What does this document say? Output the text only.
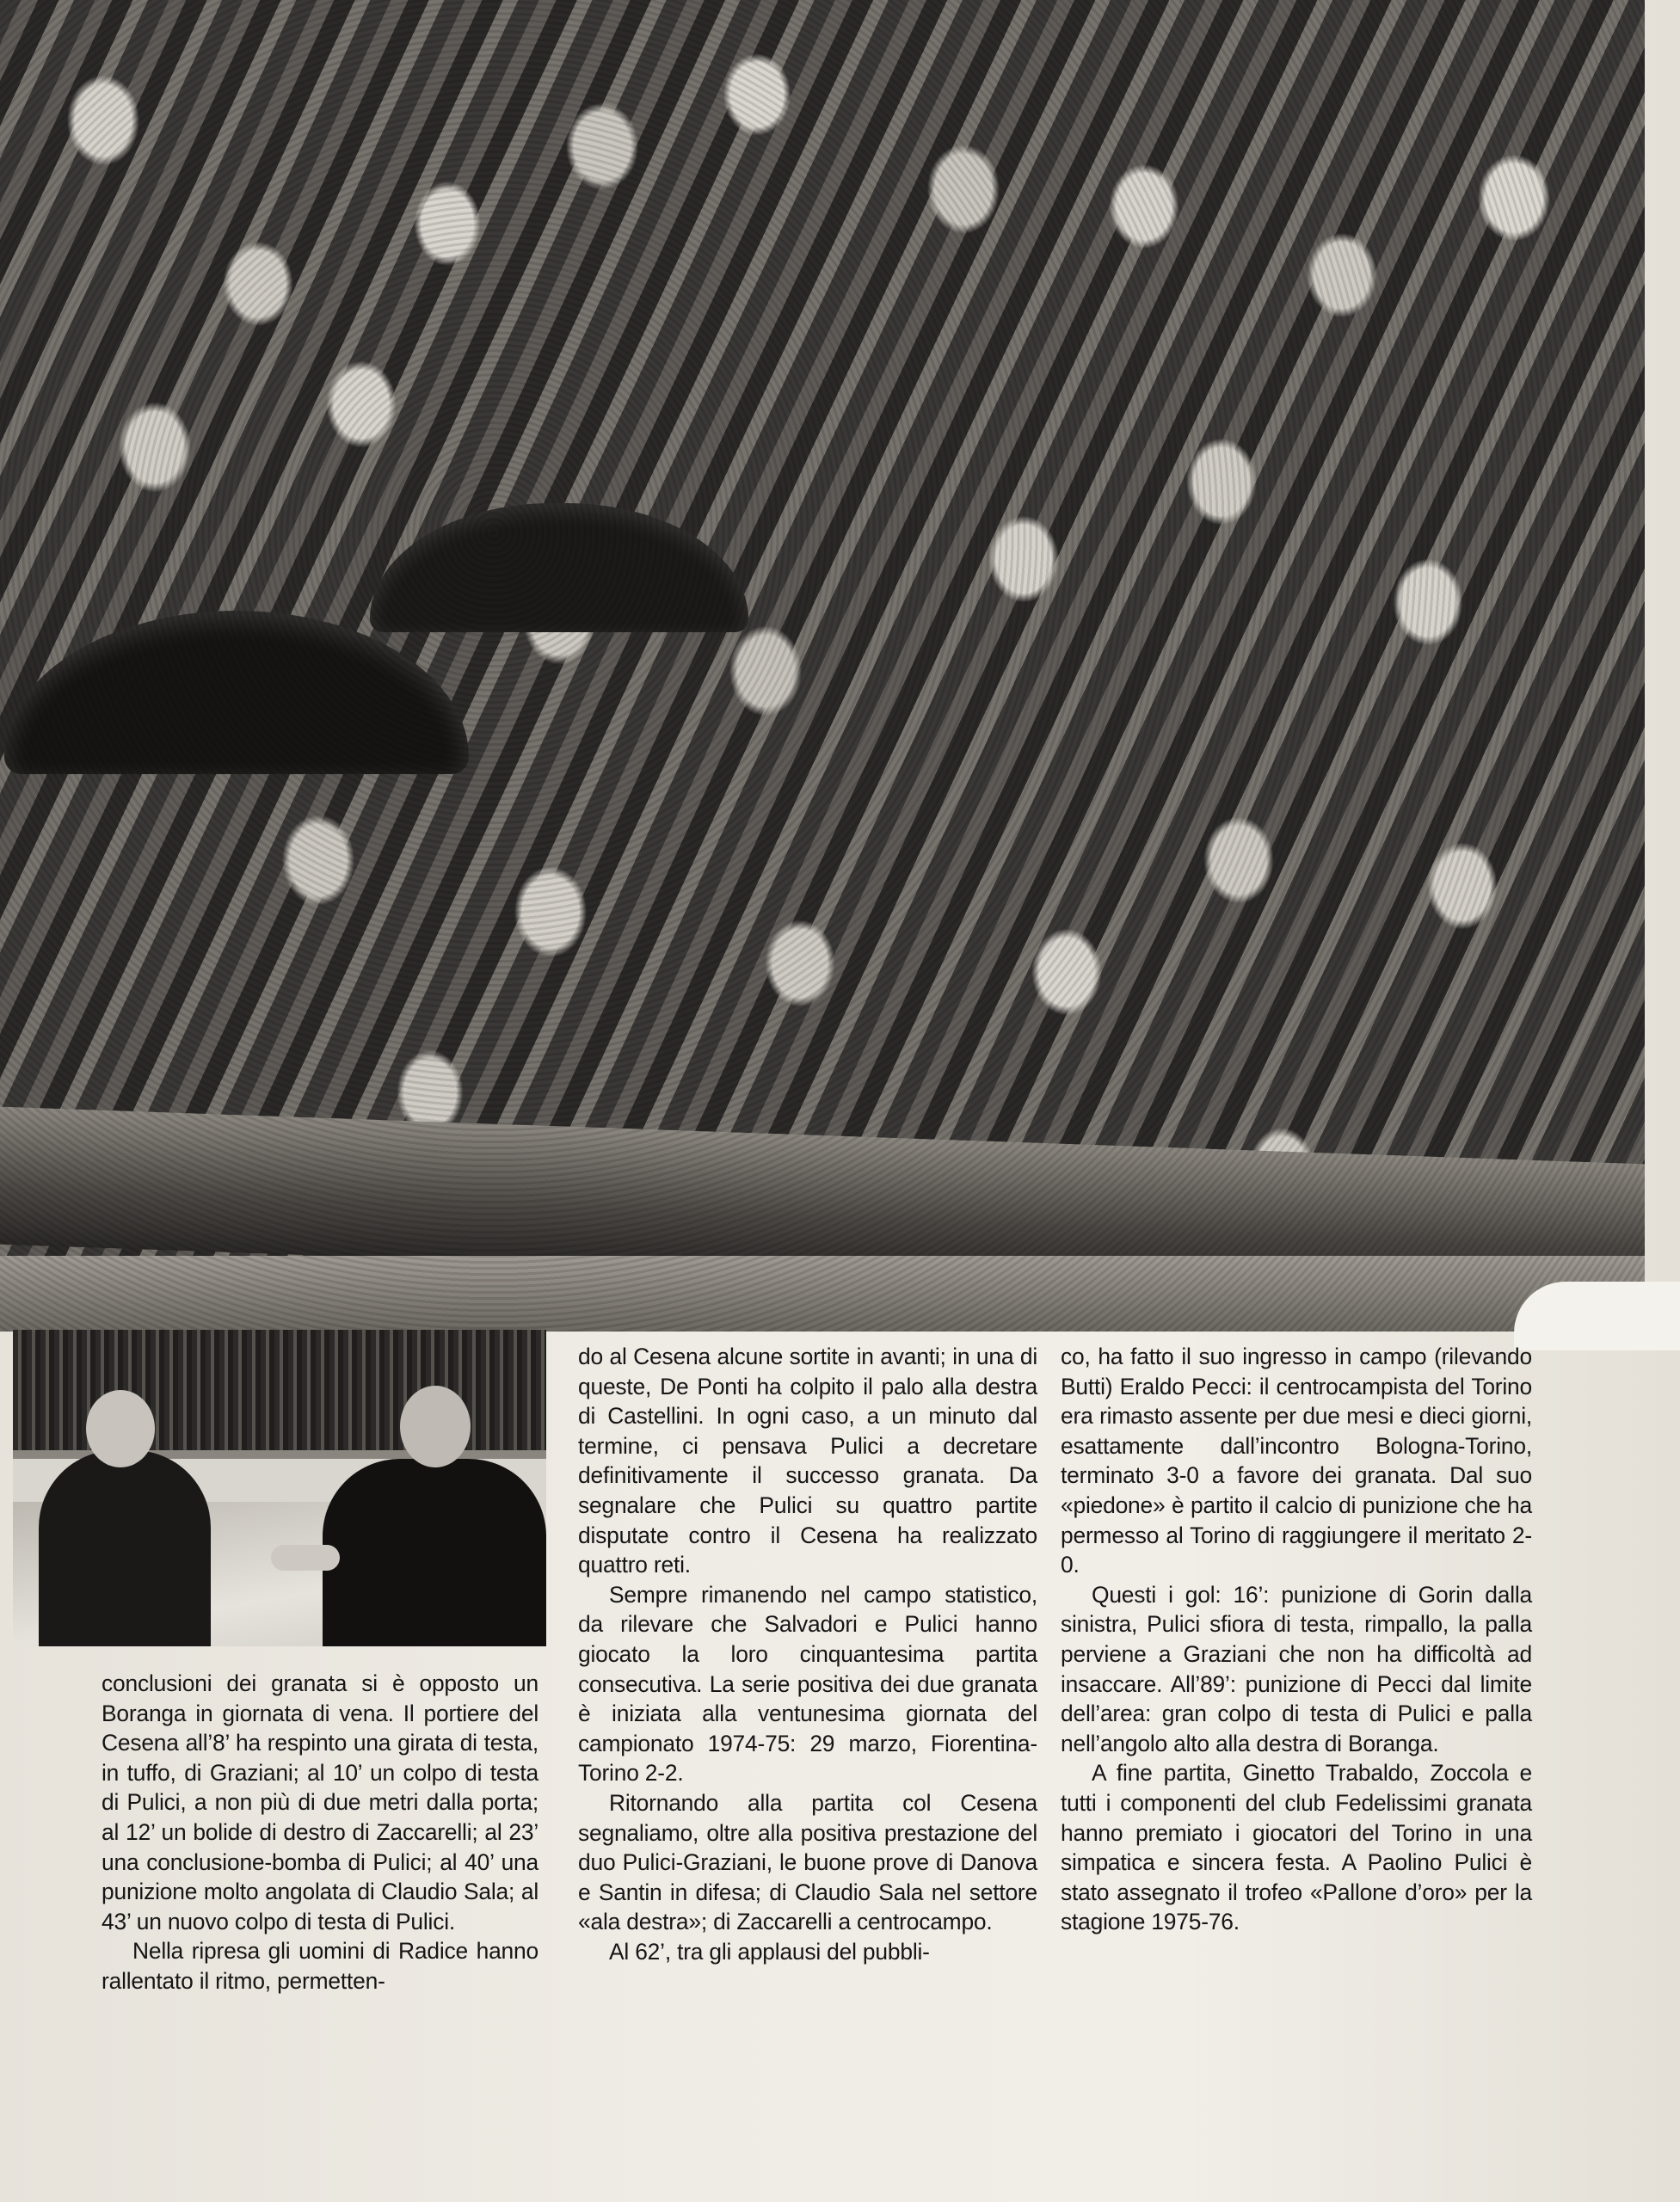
conclusioni dei granata si è opposto un Boranga in giornata di vena. Il portiere del Cesena all’8’ ha respinto una girata di testa, in tuffo, di Graziani; al 10’ un colpo di testa di Pulici, a non più di due metri dalla porta; al 12’ un bolide di destro di Zaccarelli; al 23’ una conclusione-bomba di Pulici; al 40’ una punizione molto angolata di Claudio Sala; al 43’ un nuovo colpo di testa di Pulici.

Nella ripresa gli uomini di Radice hanno rallentato il ritmo, permetten-

do al Cesena alcune sortite in avanti; in una di queste, De Ponti ha colpito il palo alla destra di Castellini. In ogni caso, a un minuto dal termine, ci pensava Pulici a decretare definitivamente il successo granata. Da segnalare che Pulici su quattro partite disputate contro il Cesena ha realizzato quattro reti.

Sempre rimanendo nel campo statistico, da rilevare che Salvadori e Pulici hanno giocato la loro cinquantesima partita consecutiva. La serie positiva dei due granata è iniziata alla ventunesima giornata del campionato 1974-75: 29 marzo, Fiorentina-Torino 2-2.

Ritornando alla partita col Cesena segnaliamo, oltre alla positiva prestazione del duo Pulici-Graziani, le buone prove di Danova e Santin in difesa; di Claudio Sala nel settore «ala destra»; di Zaccarelli a centrocampo.

Al 62’, tra gli applausi del pubbli-

co, ha fatto il suo ingresso in campo (rilevando Butti) Eraldo Pecci: il centrocampista del Torino era rimasto assente per due mesi e dieci giorni, esattamente dall’incontro Bologna-Torino, terminato 3-0 a favore dei granata. Dal suo «piedone» è partito il calcio di punizione che ha permesso al Torino di raggiungere il meritato 2-0.

Questi i gol: 16’: punizione di Gorin dalla sinistra, Pulici sfiora di testa, rimpallo, la palla perviene a Graziani che non ha difficoltà ad insaccare. All’89’: punizione di Pecci dal limite dell’area: gran colpo di testa di Pulici e palla nell’angolo alto alla destra di Boranga.

A fine partita, Ginetto Trabaldo, Zoccola e tutti i componenti del club Fedelissimi granata hanno premiato i giocatori del Torino in una simpatica e sincera festa. A Paolino Pulici è stato assegnato il trofeo «Pallone d’oro» per la stagione 1975-76.
